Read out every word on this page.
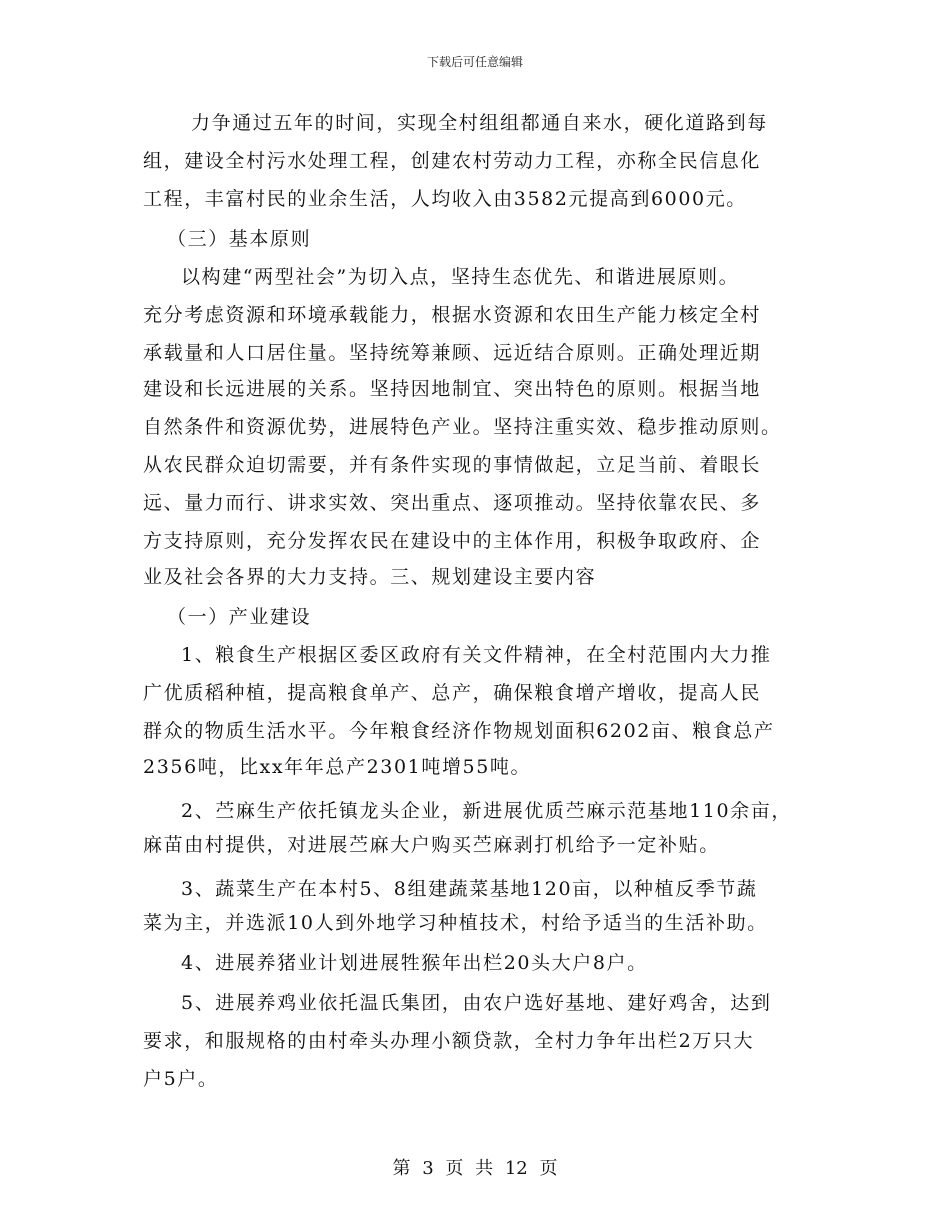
下载后可任意编辑
力争通过五年的时间，实现全村组组都通自来水，硬化道路到每
组，建设全村污水处理工程，创建农村劳动力工程，亦称全民信息化
工程，丰富村民的业余生活，人均收入由3582元提高到6000元。
（三）基本原则
以构建“两型社会”为切入点，坚持生态优先、和谐进展原则。
充分考虑资源和环境承载能力，根据水资源和农田生产能力核定全村
承载量和人口居住量。坚持统筹兼顾、远近结合原则。正确处理近期
建设和长远进展的关系。坚持因地制宜、突出特色的原则。根据当地
自然条件和资源优势，进展特色产业。坚持注重实效、稳步推动原则。
从农民群众迫切需要，并有条件实现的事情做起，立足当前、着眼长
远、量力而行、讲求实效、突出重点、逐项推动。坚持依靠农民、多
方支持原则，充分发挥农民在建设中的主体作用，积极争取政府、企
业及社会各界的大力支持。三、规划建设主要内容
（一）产业建设
1、粮食生产根据区委区政府有关文件精神，在全村范围内大力推
广优质稻种植，提高粮食单产、总产，确保粮食增产增收，提高人民
群众的物质生活水平。今年粮食经济作物规划面积6202亩、粮食总产
2356吨，比xx年年总产2301吨增55吨。
2、苎麻生产依托镇龙头企业，新进展优质苎麻示范基地110余亩，
麻苗由村提供，对进展苎麻大户购买苎麻剥打机给予一定补贴。
3、蔬菜生产在本村5、8组建蔬菜基地120亩，以种植反季节蔬
菜为主，并选派10人到外地学习种植技术，村给予适当的生活补助。
4、进展养猪业计划进展牲猴年出栏20头大户8户。
5、进展养鸡业依托温氏集团，由农户选好基地、建好鸡舍，达到
要求，和服规格的由村牵头办理小额贷款，全村力争年出栏2万只大
户5户。
第 3 页 共 12 页
